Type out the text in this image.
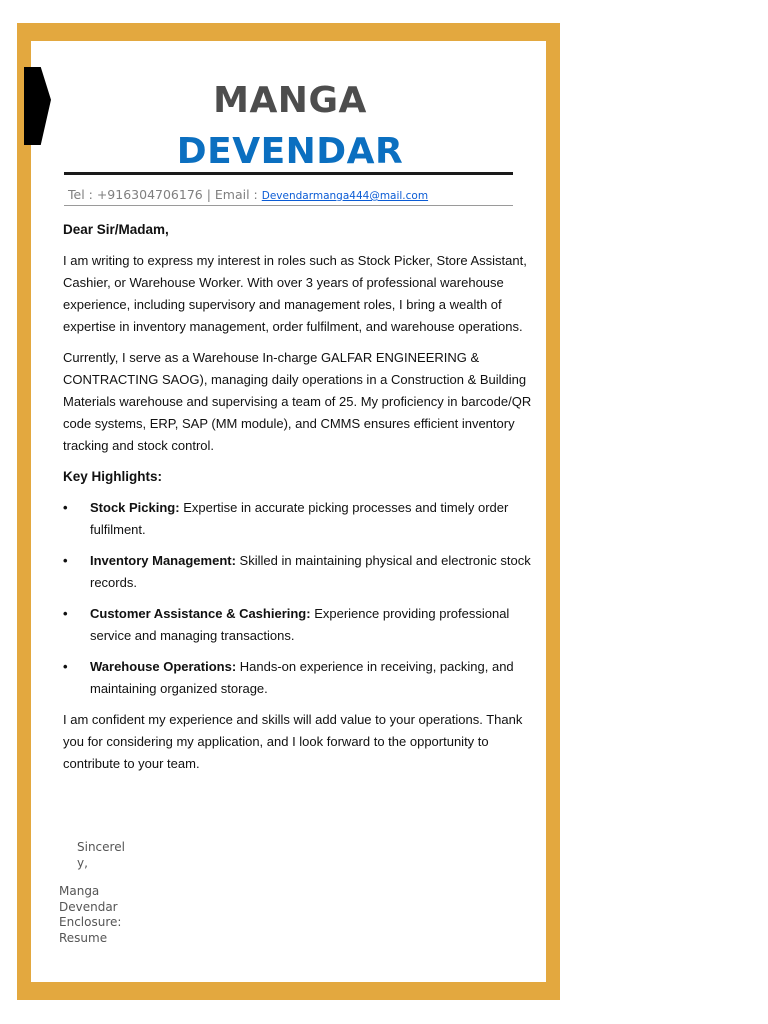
MANGA
DEVENDAR
Tel : +916304706176 | Email : Devendarmanga444@mail.com

Dear Sir/Madam,

I am writing to express my interest in roles such as Stock Picker, Store Assistant, Cashier, or Warehouse Worker. With over 3 years of professional warehouse experience, including supervisory and management roles, I bring a wealth of expertise in inventory management, order fulfilment, and warehouse operations.

Currently, I serve as a Warehouse In-charge GALFAR ENGINEERING & CONTRACTING SAOG), managing daily operations in a Construction & Building Materials warehouse and supervising a team of 25. My proficiency in barcode/QR code systems, ERP, SAP (MM module), and CMMS ensures efficient inventory tracking and stock control.

Key Highlights:

• Stock Picking: Expertise in accurate picking processes and timely order fulfilment.
• Inventory Management: Skilled in maintaining physical and electronic stock records.
• Customer Assistance & Cashiering: Experience providing professional service and managing transactions.
• Warehouse Operations: Hands-on experience in receiving, packing, and maintaining organized storage.

I am confident my experience and skills will add value to your operations. Thank you for considering my application, and I look forward to the opportunity to contribute to your team.

Sincerely,
Manga Devendar
Enclosure: Resume
